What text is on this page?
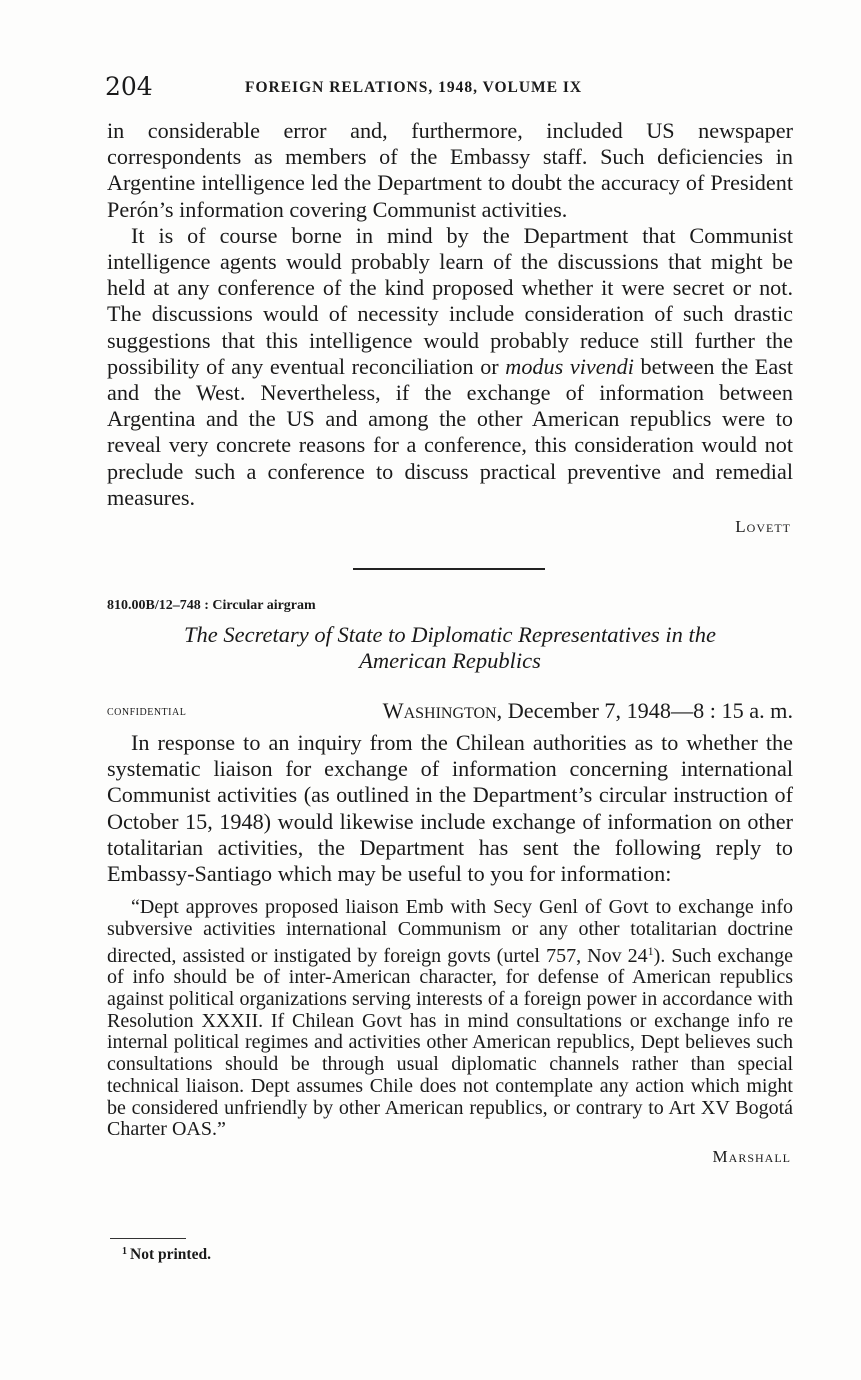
204	FOREIGN RELATIONS, 1948, VOLUME IX

in considerable error and, furthermore, included US newspaper correspondents as members of the Embassy staff. Such deficiencies in Argentine intelligence led the Department to doubt the accuracy of President Perón’s information covering Communist activities.

It is of course borne in mind by the Department that Communist intelligence agents would probably learn of the discussions that might be held at any conference of the kind proposed whether it were secret or not. The discussions would of necessity include consideration of such drastic suggestions that this intelligence would probably reduce still further the possibility of any eventual reconciliation or modus vivendi between the East and the West. Nevertheless, if the exchange of information between Argentina and the US and among the other American republics were to reveal very concrete reasons for a conference, this consideration would not preclude such a conference to discuss practical preventive and remedial measures.

Lovett
810.00B/12–748 : Circular airgram
The Secretary of State to Diplomatic Representatives in the
American Republics
confidential	Washington, December 7, 1948—8 : 15 a. m.

In response to an inquiry from the Chilean authorities as to whether the systematic liaison for exchange of information concerning international Communist activities (as outlined in the Department’s circular instruction of October 15, 1948) would likewise include exchange of information on other totalitarian activities, the Department has sent the following reply to Embassy-Santiago which may be useful to you for information:

“Dept approves proposed liaison Emb with Secy Genl of Govt to exchange info subversive activities international Communism or any other totalitarian doctrine directed, assisted or instigated by foreign govts (urtel 757, Nov 24$^1$). Such exchange of info should be of inter-American character, for defense of American republics against political organizations serving interests of a foreign power in accordance with Resolution XXXII. If Chilean Govt has in mind consultations or exchange info re internal political regimes and activities other American republics, Dept believes such consultations should be through usual diplomatic channels rather than special technical liaison. Dept assumes Chile does not contemplate any action which might be considered unfriendly by other American republics, or contrary to Art XV Bogotá Charter OAS.”

Marshall
$^1$ Not printed.
